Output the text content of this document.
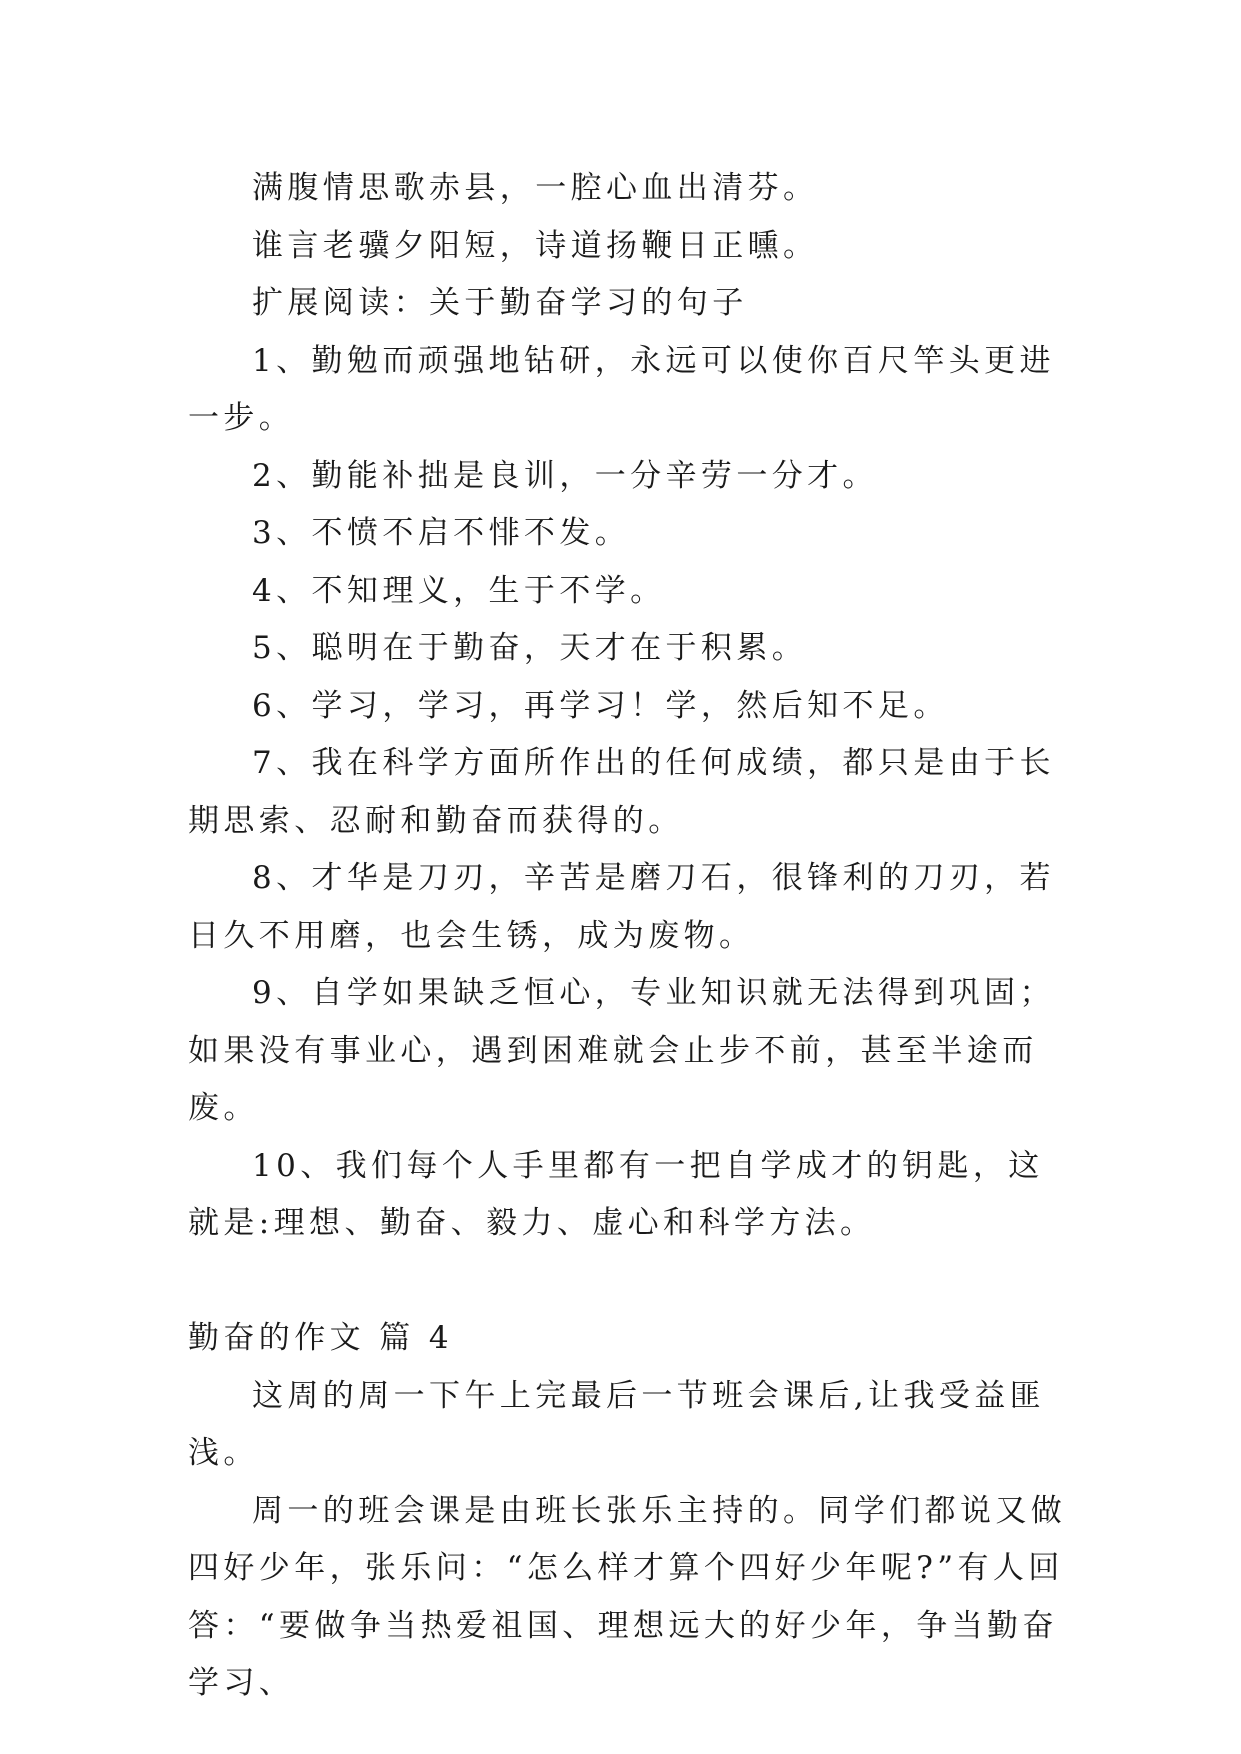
满腹情思歌赤县，一腔心血出清芬。

谁言老骥夕阳短，诗道扬鞭日正曛。

扩展阅读：关于勤奋学习的句子

1、勤勉而顽强地钻研，永远可以使你百尺竿头更进一步。

2、勤能补拙是良训，一分辛劳一分才。

3、不愤不启不悱不发。

4、不知理义，生于不学。

5、聪明在于勤奋，天才在于积累。

6、学习，学习，再学习！学，然后知不足。

7、我在科学方面所作出的任何成绩，都只是由于长期思索、忍耐和勤奋而获得的。

8、才华是刀刃，辛苦是磨刀石，很锋利的刀刃，若日久不用磨，也会生锈，成为废物。

9、自学如果缺乏恒心，专业知识就无法得到巩固；如果没有事业心，遇到困难就会止步不前，甚至半途而废。

10、我们每个人手里都有一把自学成才的钥匙，这就是:理想、勤奋、毅力、虚心和科学方法。

勤奋的作文 篇 4

这周的周一下午上完最后一节班会课后,让我受益匪浅。

周一的班会课是由班长张乐主持的。同学们都说又做四好少年，张乐问：“怎么样才算个四好少年呢?”有人回答：“要做争当热爱祖国、理想远大的好少年，争当勤奋学习、
